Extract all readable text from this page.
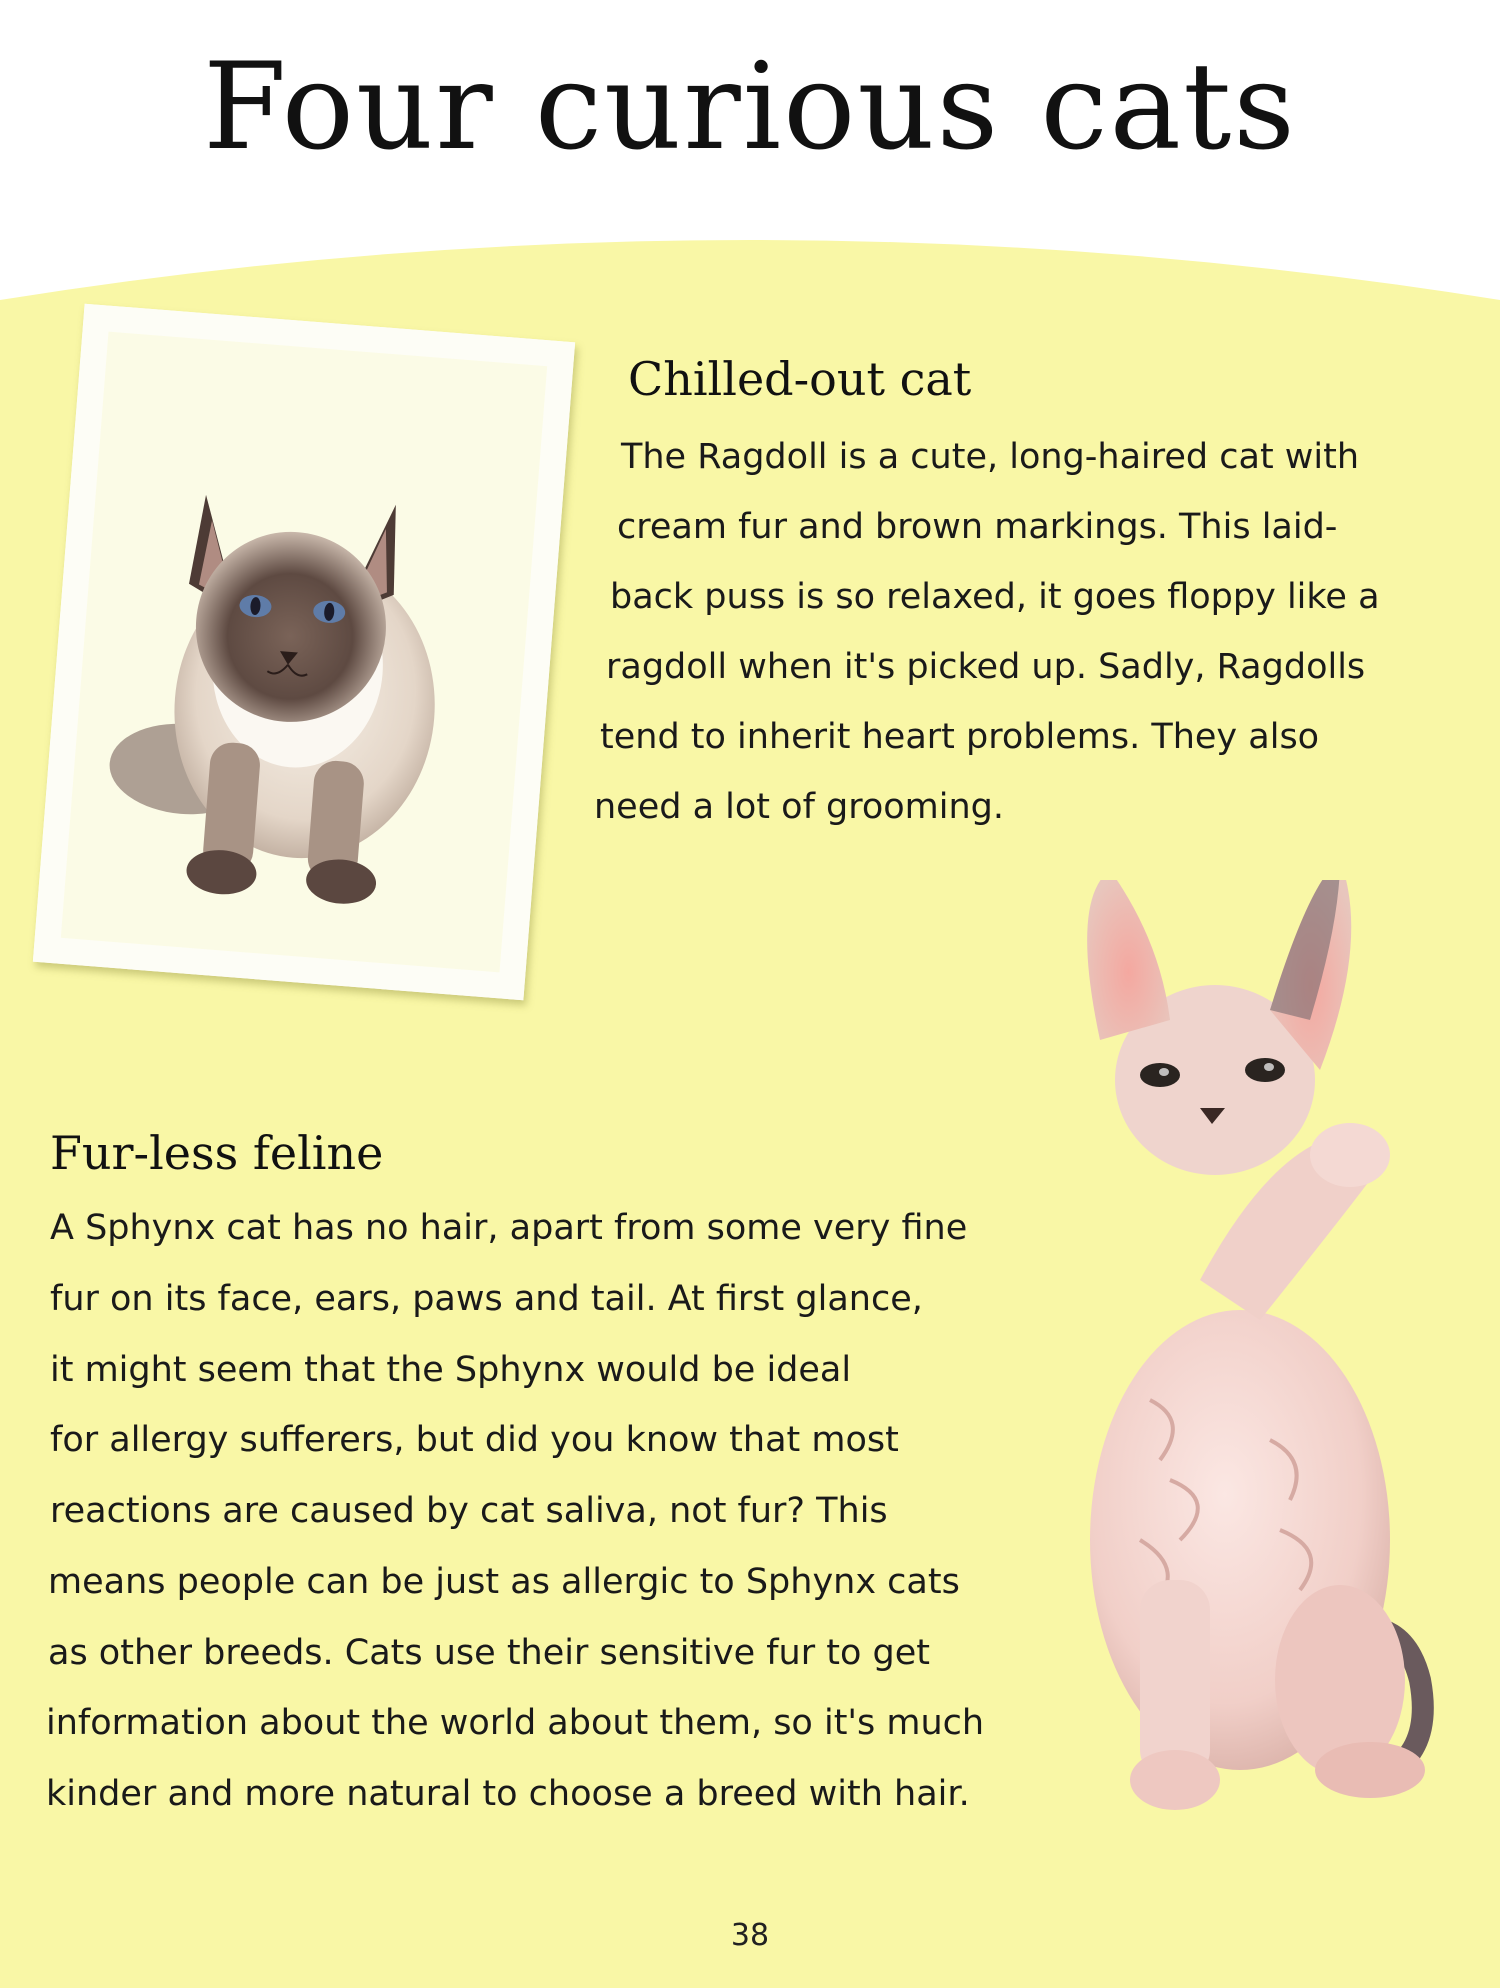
Four curious cats
Chilled-out cat
The Ragdoll is a cute, long-haired cat with
cream fur and brown markings. This laid-
back puss is so relaxed, it goes floppy like a
ragdoll when it's picked up. Sadly, Ragdolls
tend to inherit heart problems. They also
need a lot of grooming.
Fur-less feline
A Sphynx cat has no hair, apart from some very fine
fur on its face, ears, paws and tail. At first glance,
it might seem that the Sphynx would be ideal
for allergy sufferers, but did you know that most
reactions are caused by cat saliva, not fur? This
means people can be just as allergic to Sphynx cats
as other breeds. Cats use their sensitive fur to get
information about the world about them, so it's much
kinder and more natural to choose a breed with hair.
38
